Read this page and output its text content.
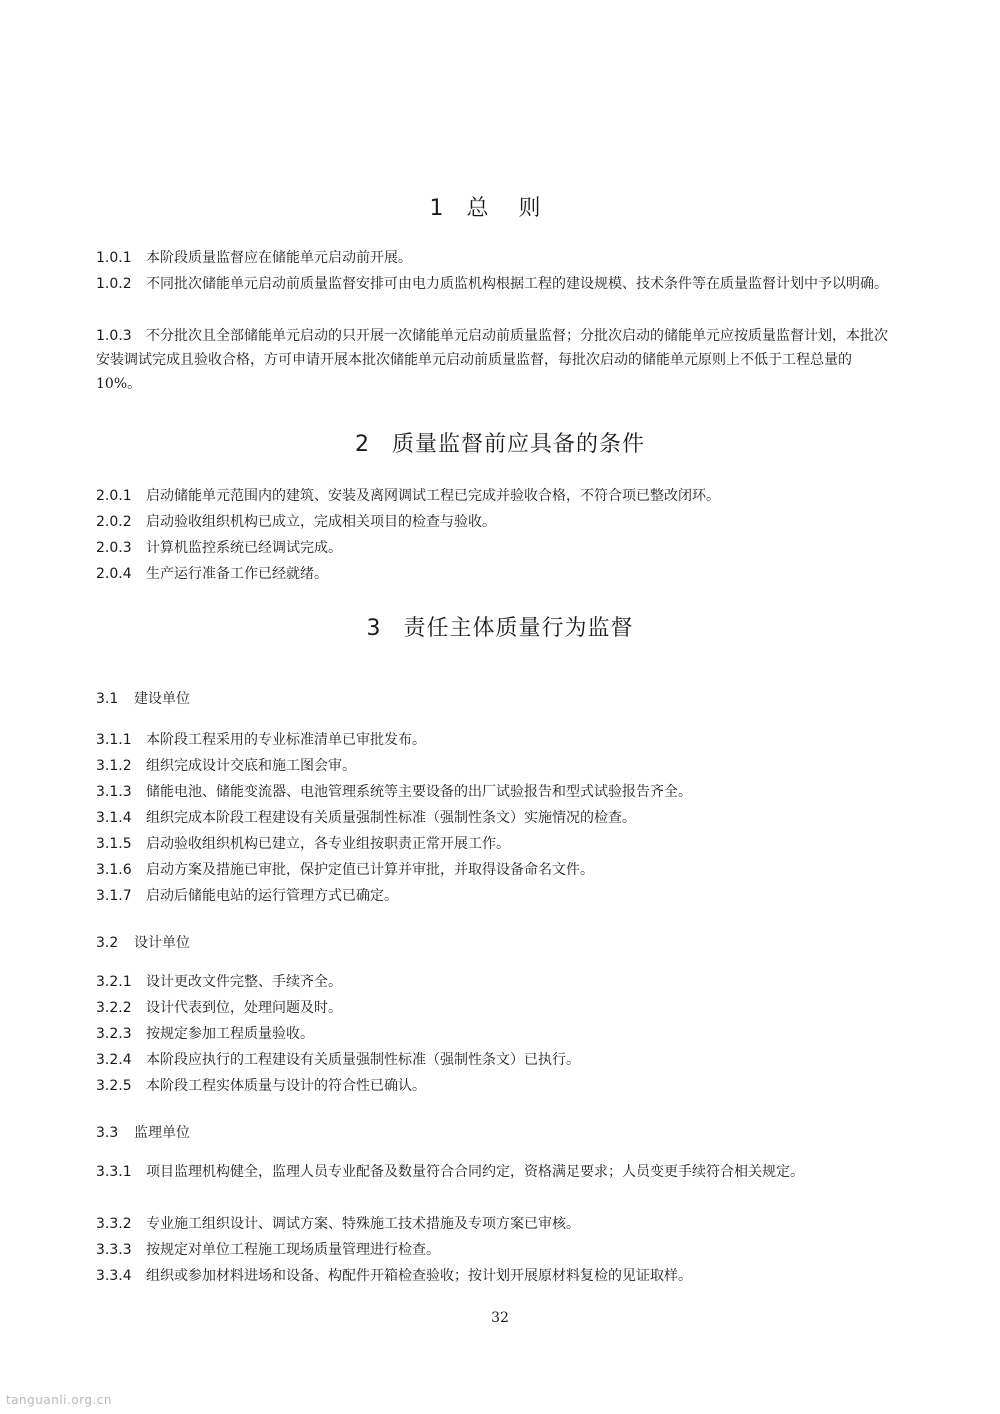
1 总则

1.0.1 本阶段质量监督应在储能单元启动前开展。

1.0.2 不同批次储能单元启动前质量监督安排可由电力质监机构根据工程的建设规模、技术条件等在质量监督计划中予以明确。

1.0.3 不分批次且全部储能单元启动的只开展一次储能单元启动前质量监督；分批次启动的储能单元应按质量监督计划，本批次安装调试完成且验收合格，方可申请开展本批次储能单元启动前质量监督，每批次启动的储能单元原则上不低于工程总量的10%。

2 质量监督前应具备的条件

2.0.1 启动储能单元范围内的建筑、安装及离网调试工程已完成并验收合格，不符合项已整改闭环。

2.0.2 启动验收组织机构已成立，完成相关项目的检查与验收。

2.0.3 计算机监控系统已经调试完成。

2.0.4 生产运行准备工作已经就绪。

3 责任主体质量行为监督
3.1 建设单位

3.1.1 本阶段工程采用的专业标准清单已审批发布。

3.1.2 组织完成设计交底和施工图会审。

3.1.3 储能电池、储能变流器、电池管理系统等主要设备的出厂试验报告和型式试验报告齐全。

3.1.4 组织完成本阶段工程建设有关质量强制性标准（强制性条文）实施情况的检查。

3.1.5 启动验收组织机构已建立，各专业组按职责正常开展工作。

3.1.6 启动方案及措施已审批，保护定值已计算并审批，并取得设备命名文件。

3.1.7 启动后储能电站的运行管理方式已确定。

3.2 设计单位

3.2.1 设计更改文件完整、手续齐全。

3.2.2 设计代表到位，处理问题及时。

3.2.3 按规定参加工程质量验收。

3.2.4 本阶段应执行的工程建设有关质量强制性标准（强制性条文）已执行。

3.2.5 本阶段工程实体质量与设计的符合性已确认。

3.3 监理单位

3.3.1 项目监理机构健全，监理人员专业配备及数量符合合同约定，资格满足要求；人员变更手续符合相关规定。

3.3.2 专业施工组织设计、调试方案、特殊施工技术措施及专项方案已审核。

3.3.3 按规定对单位工程施工现场质量管理进行检查。

3.3.4 组织或参加材料进场和设备、构配件开箱检查验收；按计划开展原材料复检的见证取样。

32
tanguanli.org.cn
